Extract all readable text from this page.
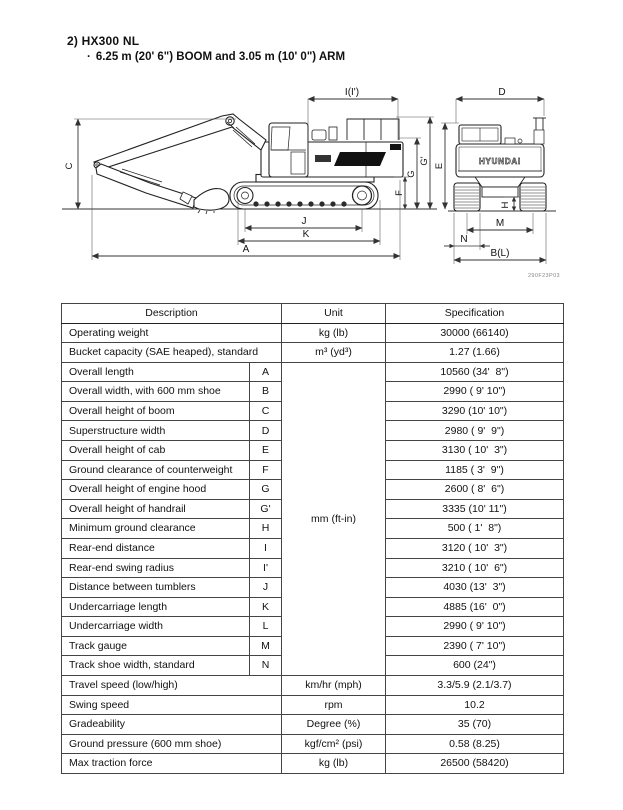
2) HX300 NL
· 6.25 m (20' 6") BOOM and 3.05 m (10' 0") ARM
HYUNDAI
I(I')	D
J
K
A
M
N
B(L)
C
F
G
G'
E
H
290F23P03
Description		Unit	Specification
Operating weight		kg (lb)	30000 (66140)
Bucket capacity (SAE heaped), standard		m³ (yd³)	1.27 (1.66)
Overall length	A	mm (ft-in)	10560 (34'  8")
Overall width, with 600 mm shoe	B		2990 ( 9' 10")
Overall height of boom	C		3290 (10' 10")
Superstructure width	D		2980 ( 9'  9")
Overall height of cab	E		3130 ( 10'  3")
Ground clearance of counterweight	F		1185 ( 3'  9")
Overall height of engine hood	G		2600 ( 8'  6")
Overall height of handrail	G'		3335 (10' 11")
Minimum ground clearance	H		500 ( 1'  8")
Rear-end distance	I		3120 ( 10'  3")
Rear-end swing radius	I'		3210 ( 10'  6")
Distance between tumblers	J		4030 (13'  3")
Undercarriage length	K		4885 (16'  0")
Undercarriage width	L		2990 ( 9' 10")
Track gauge	M		2390 ( 7' 10")
Track shoe width, standard	N		600 (24")
Travel speed (low/high)		km/hr (mph)	3.3/5.9 (2.1/3.7)
Swing speed		rpm	10.2
Gradeability		Degree (%)	35 (70)
Ground pressure (600 mm shoe)		kgf/cm² (psi)	0.58 (8.25)
Max traction force		kg (lb)	26500 (58420)
